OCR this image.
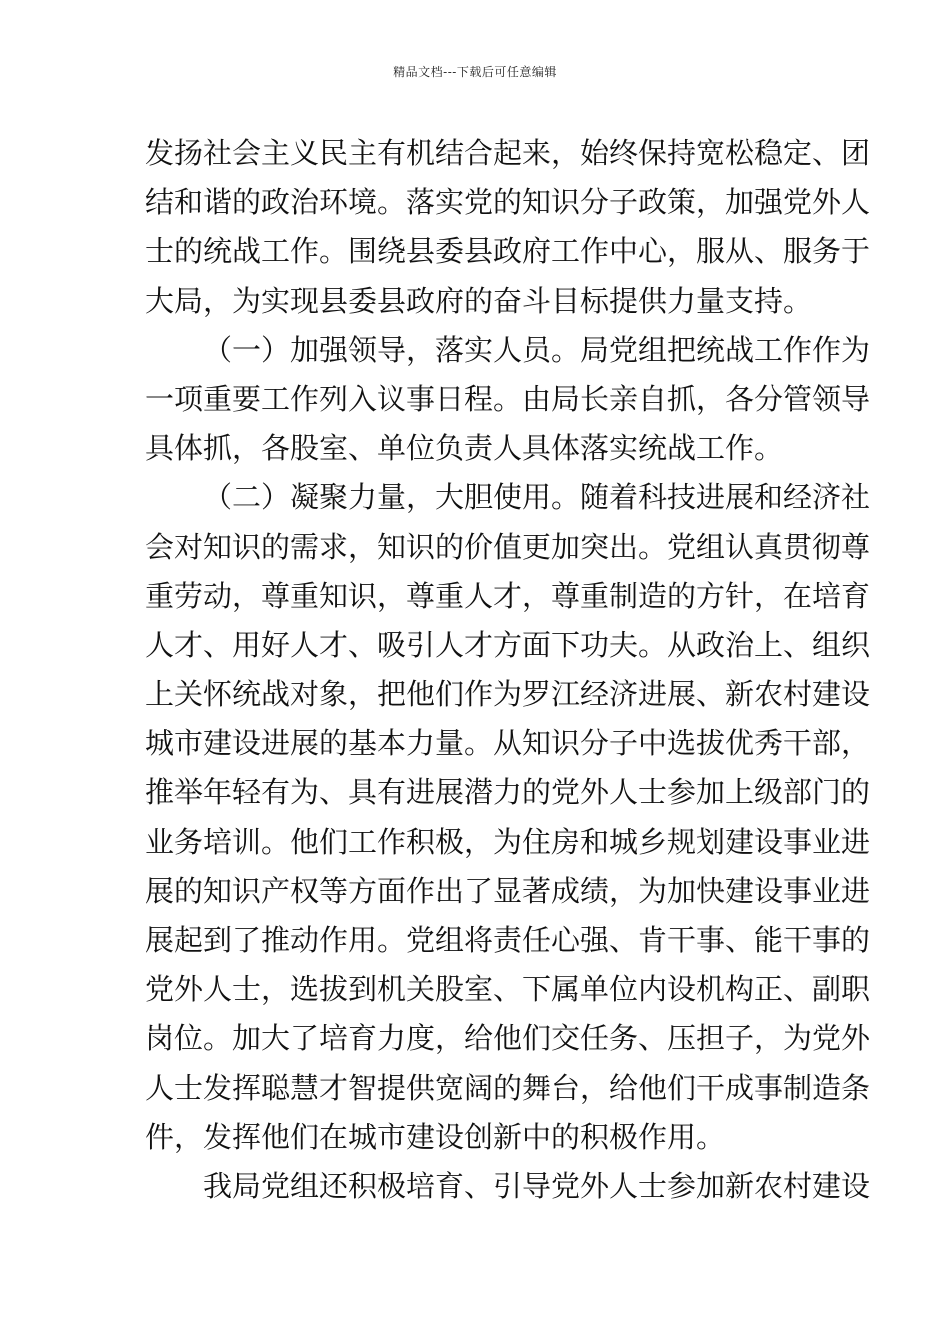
精品文档---下载后可任意编辑
发扬社会主义民主有机结合起来，始终保持宽松稳定、团
结和谐的政治环境。落实党的知识分子政策，加强党外人
士的统战工作。围绕县委县政府工作中心，服从、服务于
大局，为实现县委县政府的奋斗目标提供力量支持。
（一）加强领导，落实人员。局党组把统战工作作为
一项重要工作列入议事日程。由局长亲自抓，各分管领导
具体抓，各股室、单位负责人具体落实统战工作。
（二）凝聚力量，大胆使用。随着科技进展和经济社
会对知识的需求，知识的价值更加突出。党组认真贯彻尊
重劳动，尊重知识，尊重人才，尊重制造的方针，在培育
人才、用好人才、吸引人才方面下功夫。从政治上、组织
上关怀统战对象，把他们作为罗江经济进展、新农村建设
城市建设进展的基本力量。从知识分子中选拔优秀干部，
推举年轻有为、具有进展潜力的党外人士参加上级部门的
业务培训。他们工作积极，为住房和城乡规划建设事业进
展的知识产权等方面作出了显著成绩，为加快建设事业进
展起到了推动作用。党组将责任心强、肯干事、能干事的
党外人士，选拔到机关股室、下属单位内设机构正、副职
岗位。加大了培育力度，给他们交任务、压担子，为党外
人士发挥聪慧才智提供宽阔的舞台，给他们干成事制造条
件，发挥他们在城市建设创新中的积极作用。
我局党组还积极培育、引导党外人士参加新农村建设
